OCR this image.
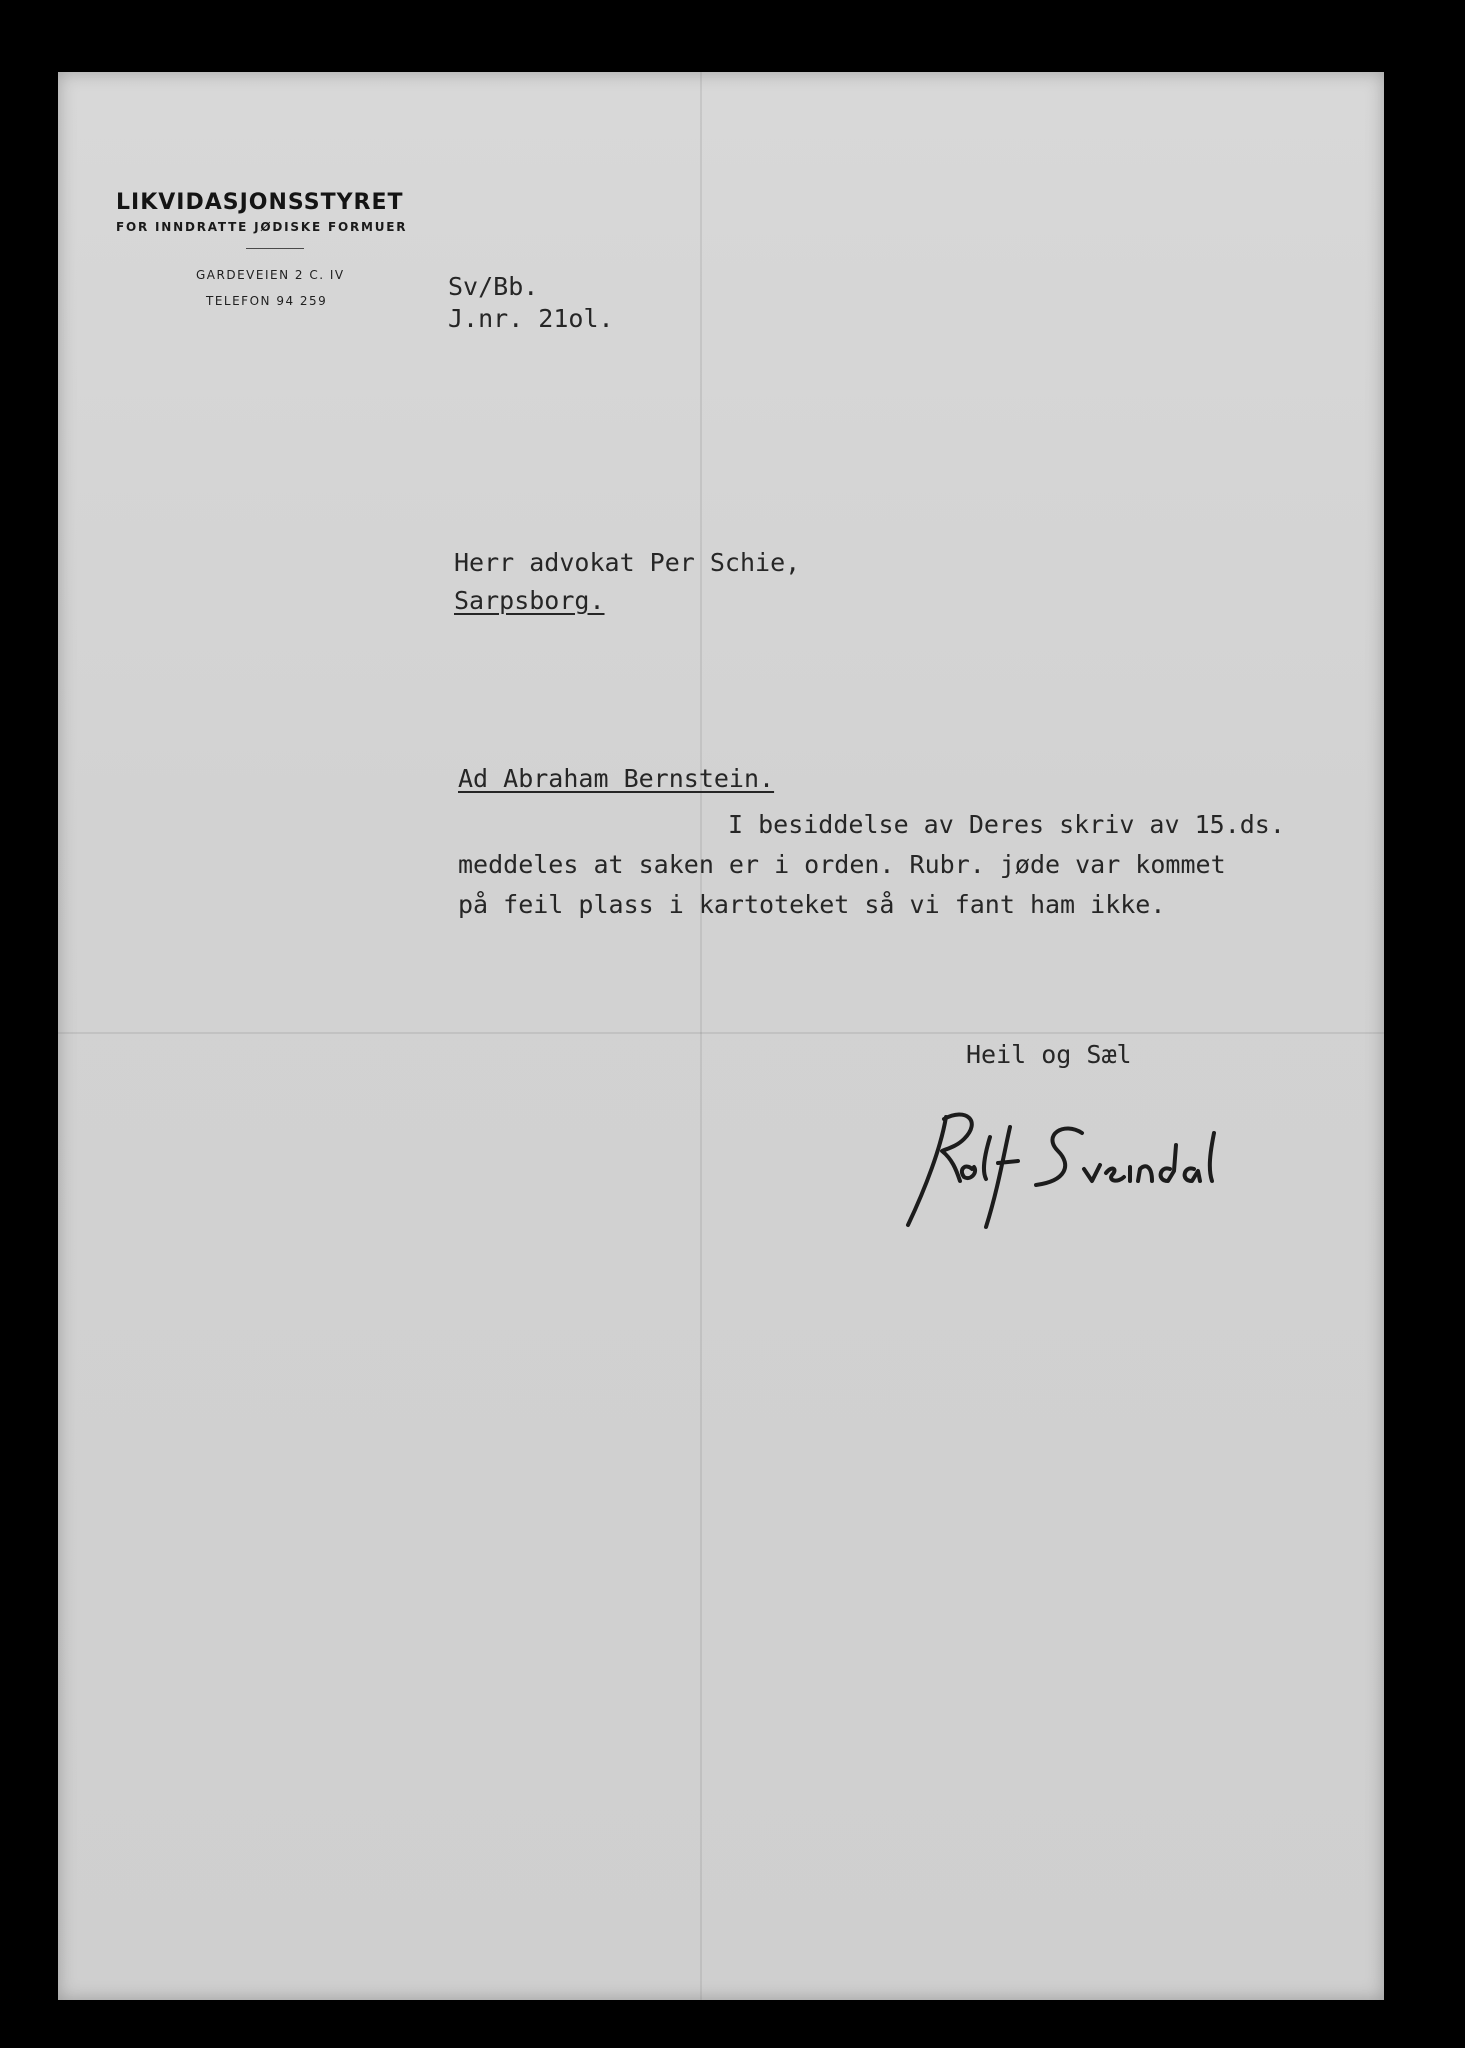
LIKVIDASJONSSTYRET
FOR INNDRATTE JØDISKE FORMUER
GARDEVEIEN 2 C. IV
TELEFON 94 259	Sv/Bb.
J.nr. 21ol.
Herr advokat Per Schie,
Sarpsborg.
Ad Abraham Bernstein.
I besiddelse av Deres skriv av 15.ds.
meddeles at saken er i orden. Rubr. jøde var kommet
på feil plass i kartoteket så vi fant ham ikke.
Heil og Sæl
